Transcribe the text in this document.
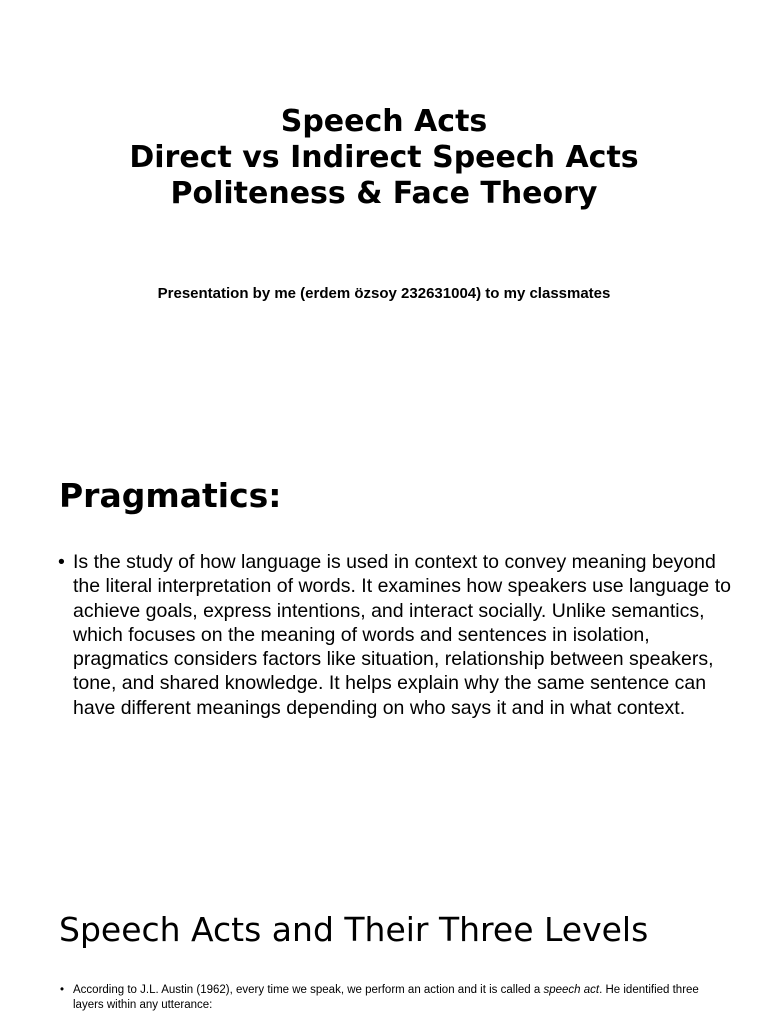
Speech Acts
Direct vs Indirect Speech Acts
Politeness & Face Theory
Presentation by me (erdem özsoy 232631004) to my classmates
Pragmatics:
• Is the study of how language is used in context to convey meaning beyond the literal interpretation of words. It examines how speakers use language to achieve goals, express intentions, and interact socially. Unlike semantics, which focuses on the meaning of words and sentences in isolation, pragmatics considers factors like situation, relationship between speakers, tone, and shared knowledge. It helps explain why the same sentence can have different meanings depending on who says it and in what context.
Speech Acts and Their Three Levels
• According to J.L. Austin (1962), every time we speak, we perform an action and it is called a speech act. He identified three layers within any utterance:
